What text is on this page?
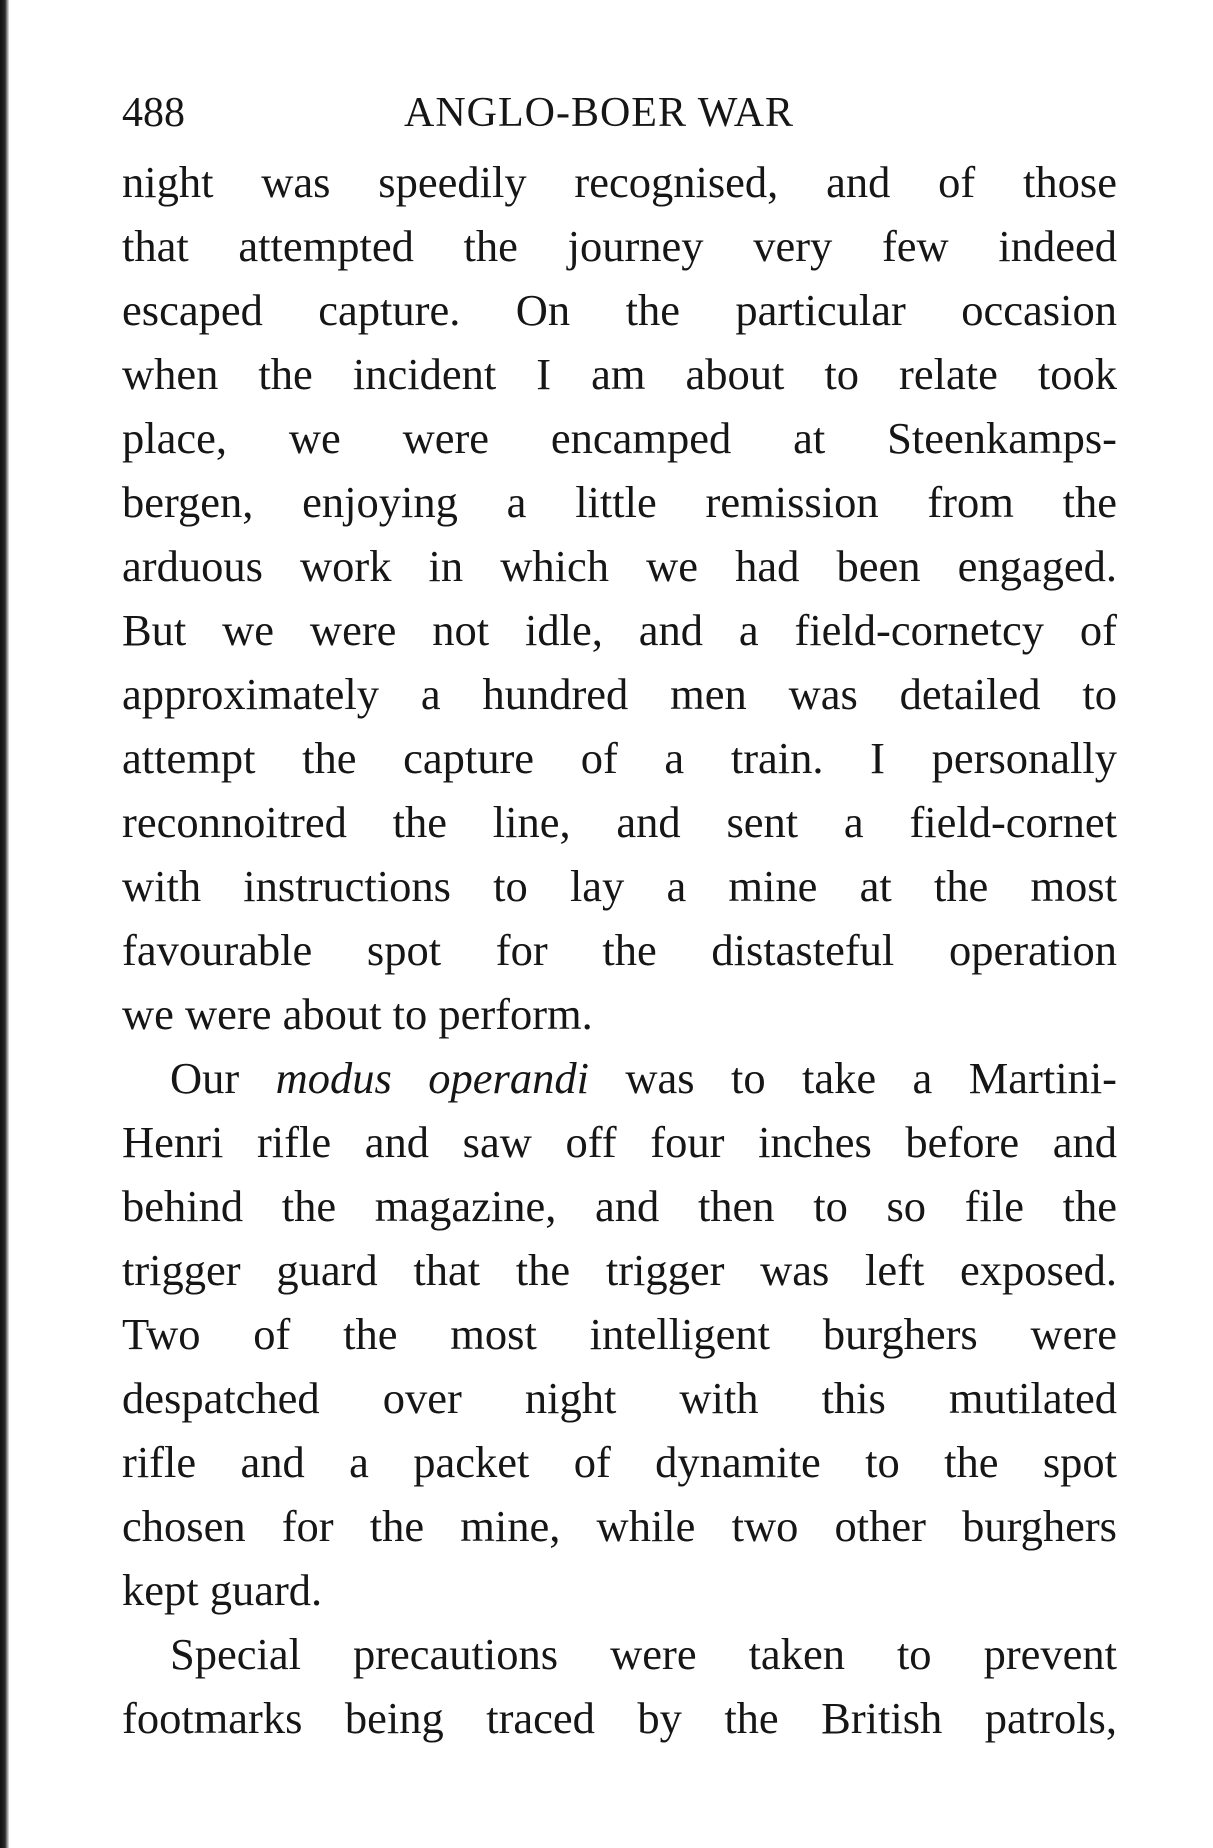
488	ANGLO-BOER WAR
night was speedily recognised, and of those
that attempted the journey very few indeed
escaped capture. On the particular occasion
when the incident I am about to relate took
place, we were encamped at Steenkamps-
bergen, enjoying a little remission from the
arduous work in which we had been engaged.
But we were not idle, and a field-cornetcy of
approximately a hundred men was detailed to
attempt the capture of a train. I personally
reconnoitred the line, and sent a field-cornet
with instructions to lay a mine at the most
favourable spot for the distasteful operation
we were about to perform.
Our modus operandi was to take a Martini-
Henri rifle and saw off four inches before and
behind the magazine, and then to so file the
trigger guard that the trigger was left exposed.
Two of the most intelligent burghers were
despatched over night with this mutilated
rifle and a packet of dynamite to the spot
chosen for the mine, while two other burghers
kept guard.
Special precautions were taken to prevent
footmarks being traced by the British patrols,
